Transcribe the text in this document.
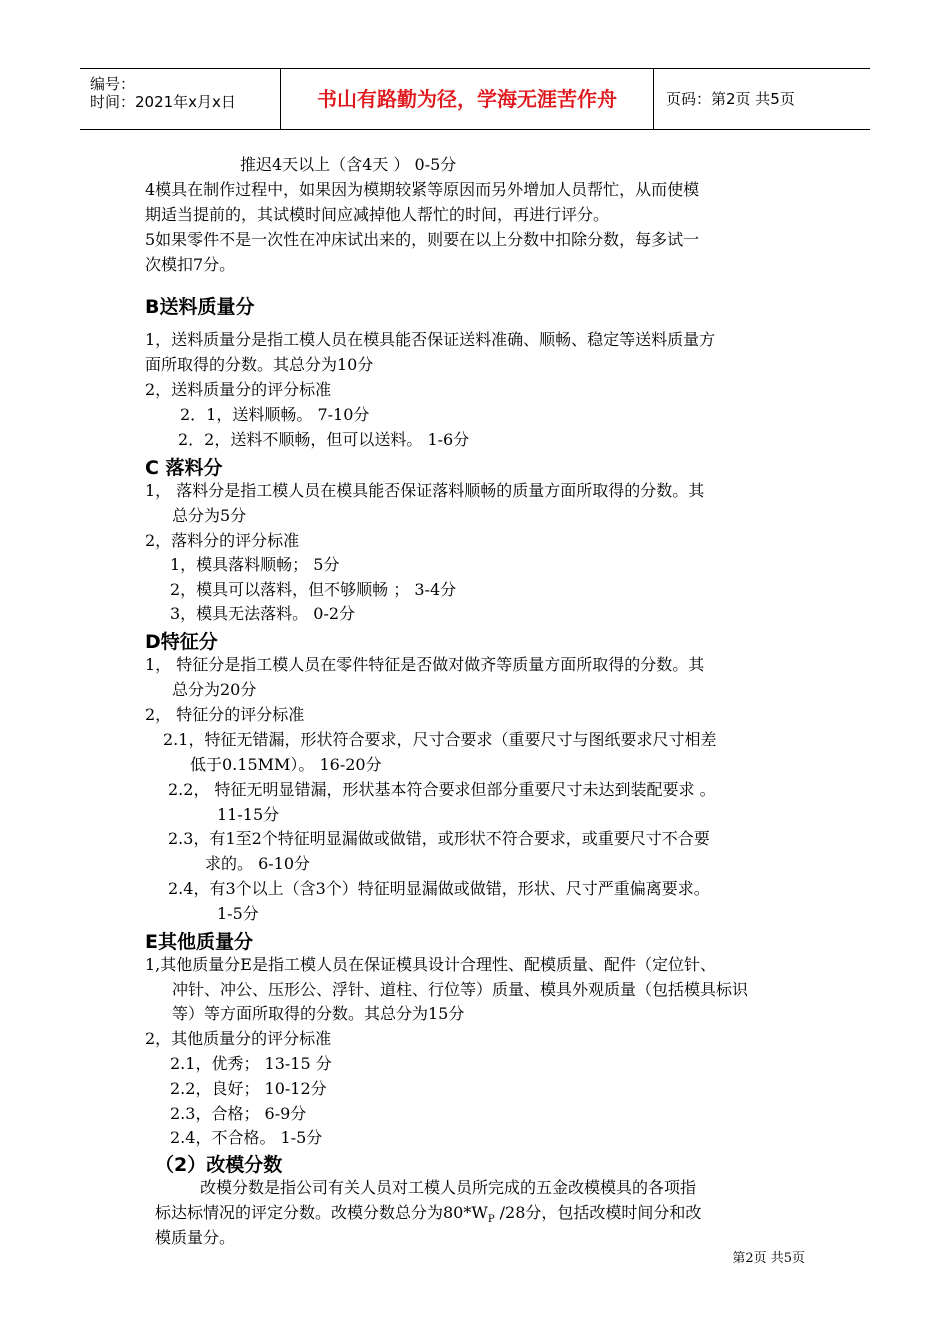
编号：
时间：2021年x月x日	书山有路勤为径，学海无涯苦作舟	页码：第2页 共5页
推迟4天以上（含4天 ） 0-5分
4模具在制作过程中，如果因为模期较紧等原因而另外增加人员帮忙，从而使模
期适当提前的，其试模时间应减掉他人帮忙的时间，再进行评分。
5如果零件不是一次性在冲床试出来的，则要在以上分数中扣除分数，每多试一
次模扣7分。
B送料质量分
1，送料质量分是指工模人员在模具能否保证送料准确、顺畅、稳定等送料质量方
面所取得的分数。其总分为10分
2，送料质量分的评分标准
2．1，送料顺畅。 7-10分
2．2，送料不顺畅，但可以送料。 1-6分
C 落料分
1， 落料分是指工模人员在模具能否保证落料顺畅的质量方面所取得的分数。其
总分为5分
2，落料分的评分标准
1，模具落料顺畅； 5分
2，模具可以落料，但不够顺畅 ； 3-4分
3，模具无法落料。 0-2分
D特征分
1， 特征分是指工模人员在零件特征是否做对做齐等质量方面所取得的分数。其
总分为20分
2， 特征分的评分标准
2.1，特征无错漏，形状符合要求，尺寸合要求（重要尺寸与图纸要求尺寸相差
低于0.15MM）。 16-20分
2.2， 特征无明显错漏，形状基本符合要求但部分重要尺寸未达到装配要求 。
11-15分
2.3，有1至2个特征明显漏做或做错，或形状不符合要求，或重要尺寸不合要
求的。 6-10分
2.4，有3个以上（含3个）特征明显漏做或做错，形状、尺寸严重偏离要求。
1-5分
E其他质量分
1,其他质量分E是指工模人员在保证模具设计合理性、配模质量、配件（定位针、
冲针、冲公、压形公、浮针、道柱、行位等）质量、模具外观质量（包括模具标识
等）等方面所取得的分数。其总分为15分
2，其他质量分的评分标准
2.1，优秀； 13-15 分
2.2，良好； 10-12分
2.3，合格； 6-9分
2.4，不合格。 1-5分
（2）改模分数
改模分数是指公司有关人员对工模人员所完成的五金改模模具的各项指
标达标情况的评定分数。改模分数总分为$80*W_P$ /28分，包括改模时间分和改
模质量分。
第2页 共5页
